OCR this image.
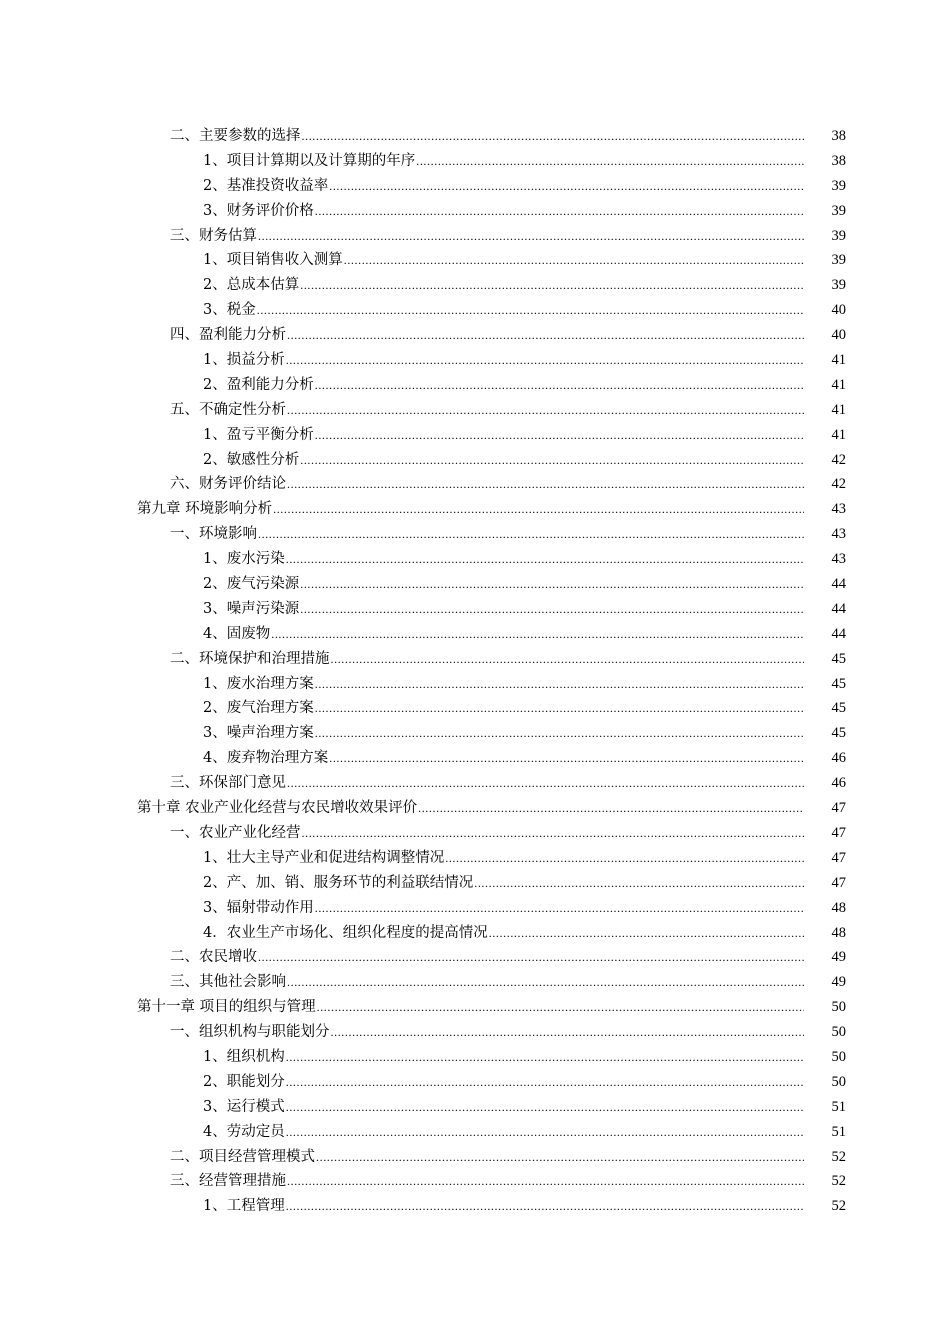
二、主要参数的选择 .....	38
1、项目计算期以及计算期的年序 .....	38
2、基准投资收益率 .....	39
3、财务评价价格 .....	39
三、财务估算 .....	39
1、项目销售收入测算 .....	39
2、总成本估算 .....	39
3、税金 .....	40
四、盈利能力分析 .....	40
1、损益分析 .....	41
2、盈利能力分析 .....	41
五、不确定性分析 .....	41
1、盈亏平衡分析 .....	41
2、敏感性分析 .....	42
六、财务评价结论 .....	42
第九章 环境影响分析 .....	43
一、环境影响 .....	43
1、废水污染 .....	43
2、废气污染源 .....	44
3、噪声污染源 .....	44
4、固废物 .....	44
二、环境保护和治理措施 .....	45
1、废水治理方案 .....	45
2、废气治理方案 .....	45
3、噪声治理方案 .....	45
4、废弃物治理方案 .....	46
三、环保部门意见 .....	46
第十章 农业产业化经营与农民增收效果评价 .....	47
一、农业产业化经营 .....	47
1、壮大主导产业和促进结构调整情况 .....	47
2、产、加、销、服务环节的利益联结情况 .....	47
3、辐射带动作用 .....	48
4．农业生产市场化、组织化程度的提高情况 .....	48
二、农民增收 .....	49
三、其他社会影响 .....	49
第十一章 项目的组织与管理 .....	50
一、组织机构与职能划分 .....	50
1、组织机构 .....	50
2、职能划分 .....	50
3、运行模式 .....	51
4、劳动定员 .....	51
二、项目经营管理模式 .....	52
三、经营管理措施 .....	52
1、工程管理 .....	52
